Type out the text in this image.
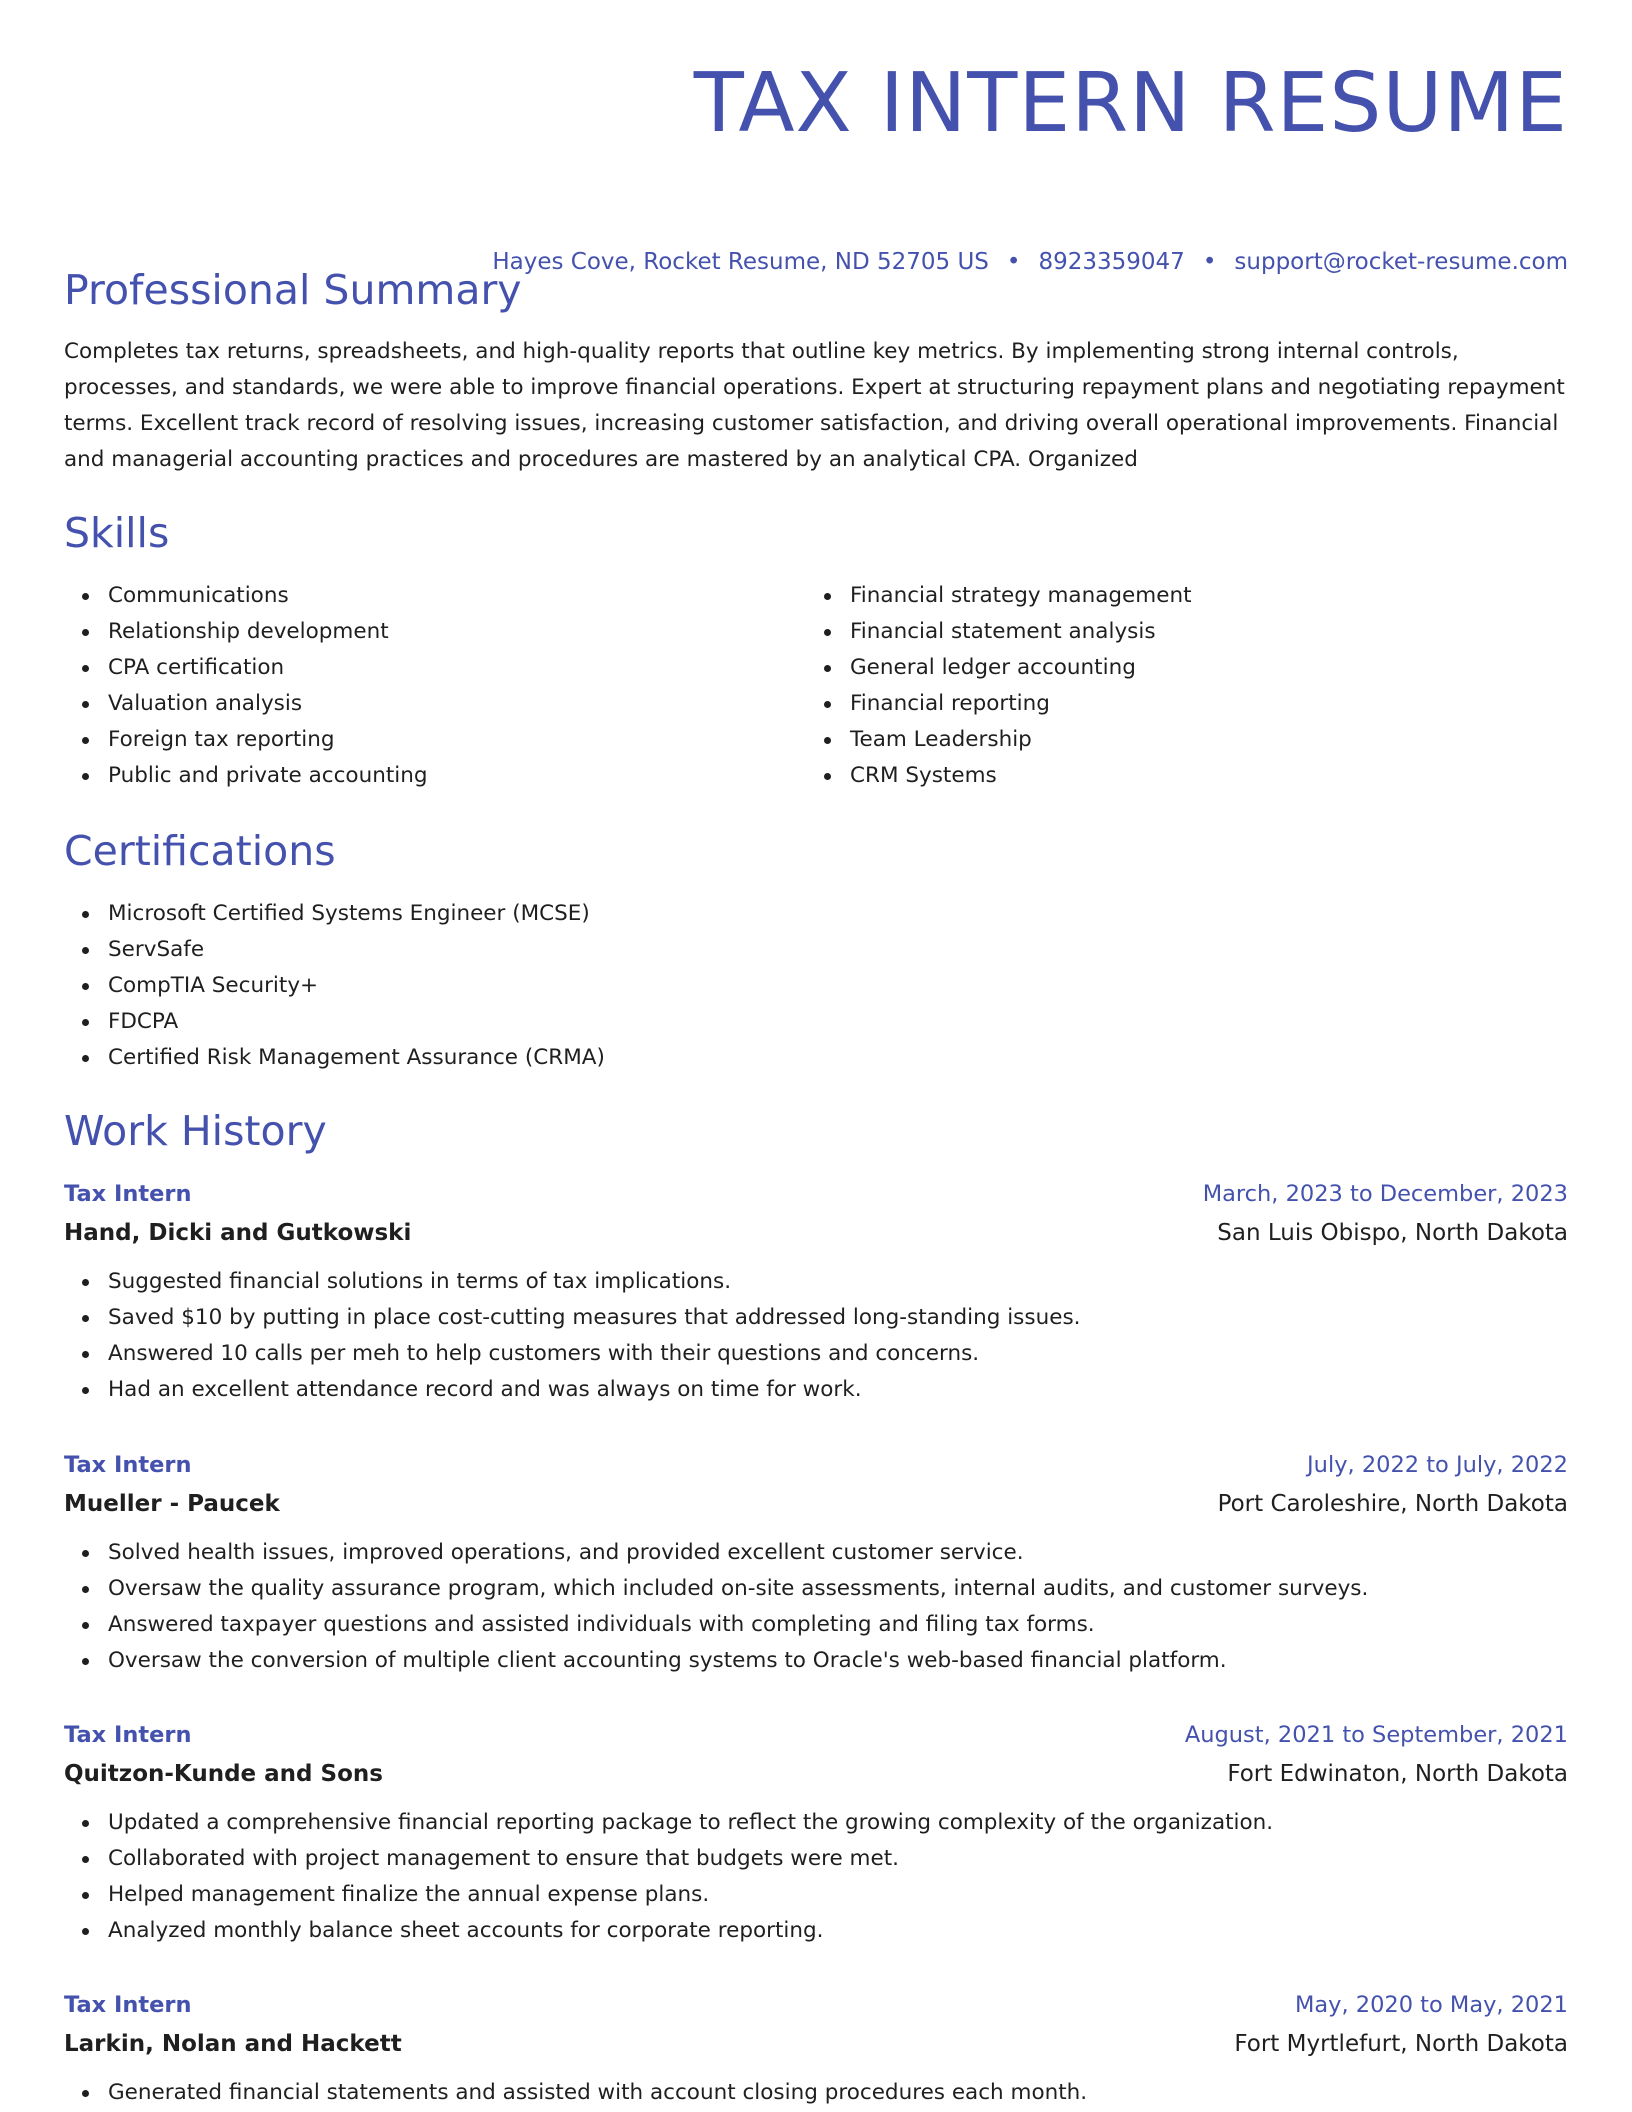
TAX INTERN RESUME
Hayes Cove, Rocket Resume, ND 52705 US • 8923359047 • support@rocket-resume.com
Professional Summary

Completes tax returns, spreadsheets, and high-quality reports that outline key metrics. By implementing strong internal controls, processes, and standards, we were able to improve financial operations. Expert at structuring repayment plans and negotiating repayment terms. Excellent track record of resolving issues, increasing customer satisfaction, and driving overall operational improvements. Financial and managerial accounting practices and procedures are mastered by an analytical CPA. Organized

Skills
Communications
Relationship development
CPA certification
Valuation analysis
Foreign tax reporting
Public and private accounting
Financial strategy management
Financial statement analysis
General ledger accounting
Financial reporting
Team Leadership
CRM Systems
Certifications
Microsoft Certified Systems Engineer (MCSE)
ServSafe
CompTIA Security+
FDCPA
Certified Risk Management Assurance (CRMA)
Work History
Tax Intern	March, 2023 to December, 2023
Hand, Dicki and Gutkowski	San Luis Obispo, North Dakota
Suggested financial solutions in terms of tax implications.
Saved $10 by putting in place cost-cutting measures that addressed long-standing issues.
Answered 10 calls per meh to help customers with their questions and concerns.
Had an excellent attendance record and was always on time for work.
Tax Intern	July, 2022 to July, 2022
Mueller - Paucek	Port Caroleshire, North Dakota
Solved health issues, improved operations, and provided excellent customer service.
Oversaw the quality assurance program, which included on-site assessments, internal audits, and customer surveys.
Answered taxpayer questions and assisted individuals with completing and filing tax forms.
Oversaw the conversion of multiple client accounting systems to Oracle's web-based financial platform.
Tax Intern	August, 2021 to September, 2021
Quitzon-Kunde and Sons	Fort Edwinaton, North Dakota
Updated a comprehensive financial reporting package to reflect the growing complexity of the organization.
Collaborated with project management to ensure that budgets were met.
Helped management finalize the annual expense plans.
Analyzed monthly balance sheet accounts for corporate reporting.
Tax Intern	May, 2020 to May, 2021
Larkin, Nolan and Hackett	Fort Myrtlefurt, North Dakota
Generated financial statements and assisted with account closing procedures each month.
